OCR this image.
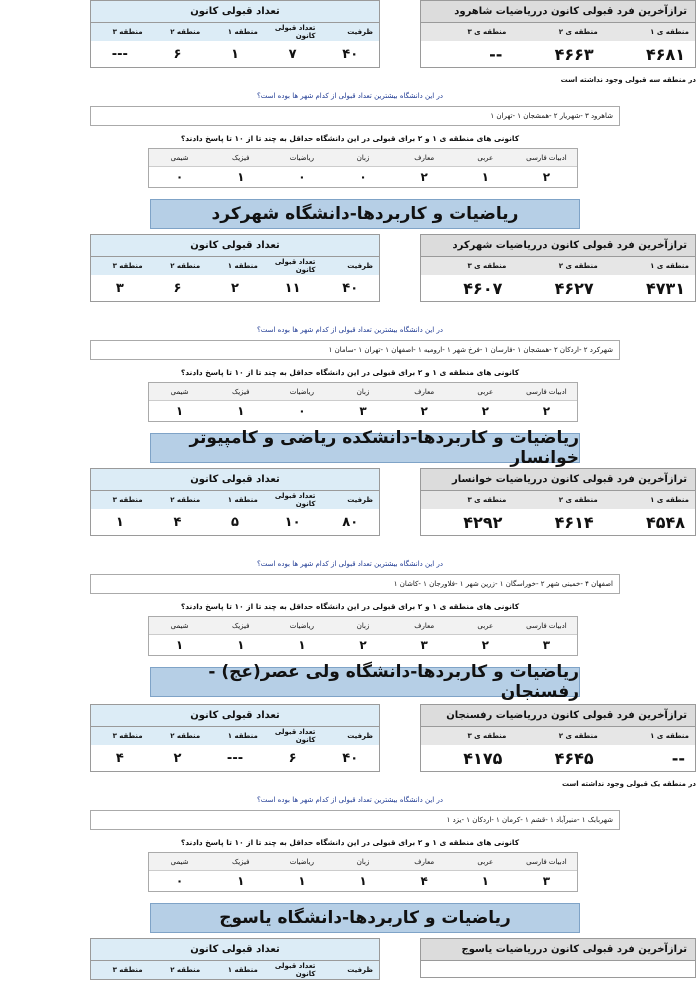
ترازآخرین فرد قبولی کانون درریاضیات شاهرود
منطقه ی ۱
منطقه ی ۲
منطقه ی ۳
۴۶۸۱
۴۶۶۳
--
تعداد قبولی کانون
ظرفیت
تعداد قبولی کانون
منطقه ۱
منطقه ۲
منطقه ۳
۴۰
۷
۱
۶
---
در منطقه سه قبولی وجود نداشته است
در این دانشگاه بیشترین تعداد قبولی از کدام شهر ها بوده است؟
شاهرود ۳ -شهریار ۲ -همشجان ۱ -تهران ۱
کانونی های منطقه ی ۱ و ۲ برای قبولی در این دانشگاه حداقل به چند تا از ۱۰ تا پاسخ دادند؟
ادبیات فارسی
عربی
معارف
زبان
ریاضیات
فیزیک
شیمی
۲
۱
۲
۰
۰
۱
۰
ریاضیات و کاربردها-دانشگاه شهرکرد
ترازآخرین فرد قبولی کانون درریاضیات شهرکرد
منطقه ی ۱
منطقه ی ۲
منطقه ی ۳
۴۷۳۱
۴۶۲۷
۴۶۰۷
تعداد قبولی کانون
ظرفیت
تعداد قبولی کانون
منطقه ۱
منطقه ۲
منطقه ۳
۴۰
۱۱
۲
۶
۳
در این دانشگاه بیشترین تعداد قبولی از کدام شهر ها بوده است؟
شهرکرد ۲ -اردکان ۲ -همشجان ۱ -فارسان ۱ -فرخ شهر ۱ -ارومیه ۱ -اصفهان ۱ -تهران ۱ -سامان ۱
کانونی های منطقه ی ۱ و ۲ برای قبولی در این دانشگاه حداقل به چند تا از ۱۰ تا پاسخ دادند؟
ادبیات فارسی
عربی
معارف
زبان
ریاضیات
فیزیک
شیمی
۲
۲
۲
۳
۰
۱
۱
ریاضیات و کاربردها-دانشکده ریاضی و کامپیوتر خوانسار
ترازآخرین فرد قبولی کانون درریاضیات خوانسار
منطقه ی ۱
منطقه ی ۲
منطقه ی ۳
۴۵۴۸
۴۶۱۴
۴۲۹۲
تعداد قبولی کانون
ظرفیت
تعداد قبولی کانون
منطقه ۱
منطقه ۲
منطقه ۳
۸۰
۱۰
۵
۴
۱
در این دانشگاه بیشترین تعداد قبولی از کدام شهر ها بوده است؟
اصفهان ۴ -خمینی شهر ۲ -خوراسگان ۱ -زرین شهر ۱ -فلاورجان ۱ -کاشان ۱
کانونی های منطقه ی ۱ و ۲ برای قبولی در این دانشگاه حداقل به چند تا از ۱۰ تا پاسخ دادند؟
ادبیات فارسی
عربی
معارف
زبان
ریاضیات
فیزیک
شیمی
۳
۲
۳
۲
۱
۱
۱
ریاضیات و کاربردها-دانشگاه ولی عصر(عج) - رفسنجان
ترازآخرین فرد قبولی کانون درریاضیات رفسنجان
منطقه ی ۱
منطقه ی ۲
منطقه ی ۳
--
۴۶۴۵
۴۱۷۵
تعداد قبولی کانون
ظرفیت
تعداد قبولی کانون
منطقه ۱
منطقه ۲
منطقه ۳
۴۰
۶
---
۲
۴
در منطقه یک قبولی وجود نداشته است
در این دانشگاه بیشترین تعداد قبولی از کدام شهر ها بوده است؟
شهربابک ۱ -منیرآباد ۱ -قشم ۱ -کرمان ۱ -اردکان ۱ -یزد ۱
کانونی های منطقه ی ۱ و ۲ برای قبولی در این دانشگاه حداقل به چند تا از ۱۰ تا پاسخ دادند؟
ادبیات فارسی
عربی
معارف
زبان
ریاضیات
فیزیک
شیمی
۳
۱
۴
۱
۱
۱
۰
ریاضیات و کاربردها-دانشگاه یاسوج
ترازآخرین فرد قبولی کانون درریاضیات یاسوج
تعداد قبولی کانون
ظرفیت
تعداد قبولی کانون
منطقه ۱
منطقه ۲
منطقه ۳
